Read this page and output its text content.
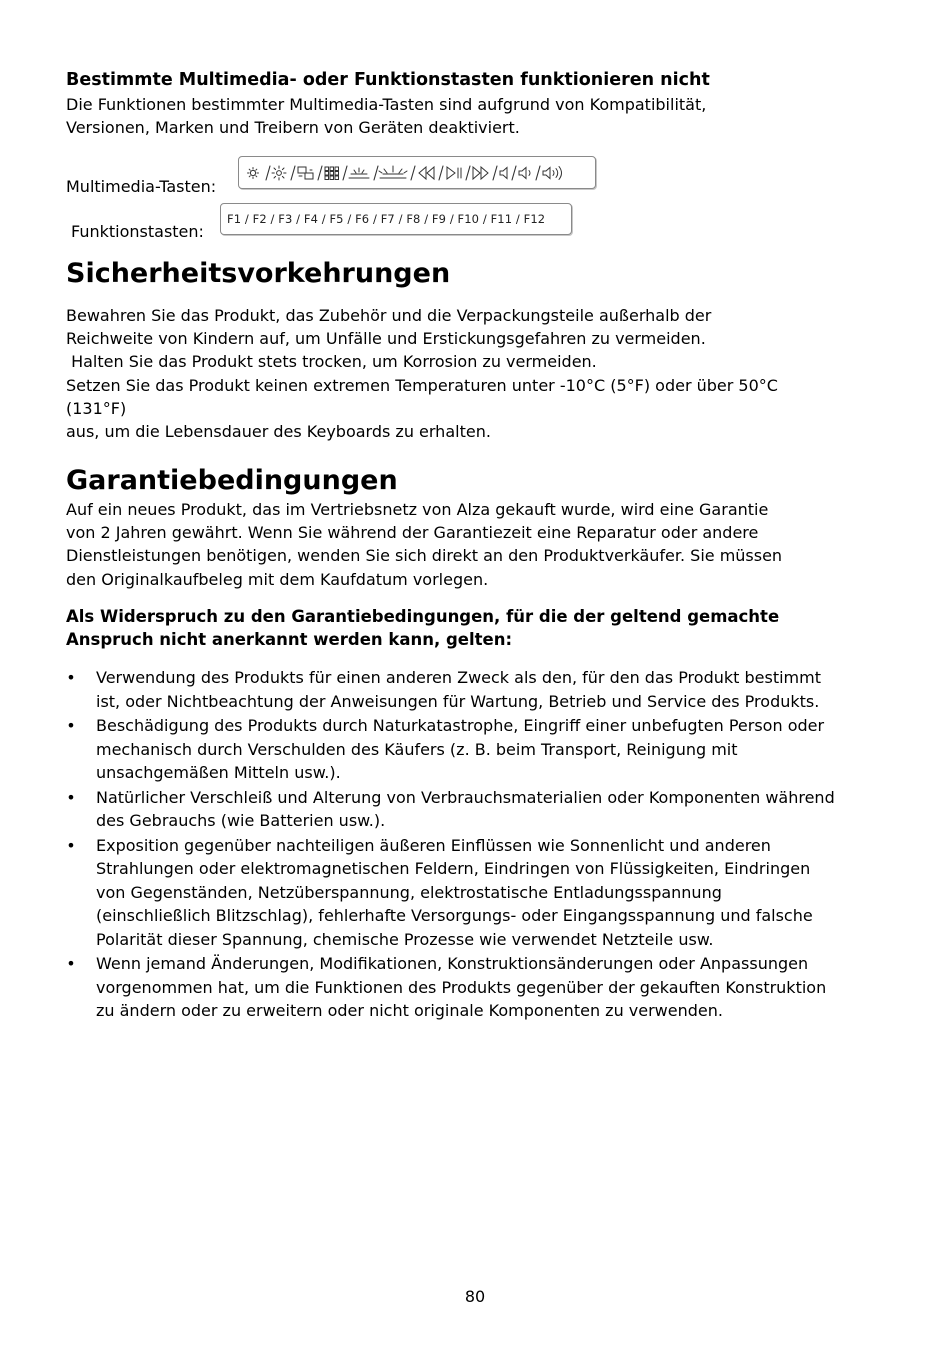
Bestimmte Multimedia- oder Funktionstasten funktionieren nicht

Die Funktionen bestimmter Multimedia-Tasten sind aufgrund von Kompatibilität,

Versionen, Marken und Treibern von Geräten deaktiviert.

Multimedia-Tasten:
Funktionstasten:
F1 / F2 / F3 / F4 / F5 / F6 / F7 / F8 / F9 / F10 / F11 / F12
Sicherheitsvorkehrungen

Bewahren Sie das Produkt, das Zubehör und die Verpackungsteile außerhalb der

Reichweite von Kindern auf, um Unfälle und Erstickungsgefahren zu vermeiden.

Halten Sie das Produkt stets trocken, um Korrosion zu vermeiden.

Setzen Sie das Produkt keinen extremen Temperaturen unter -10°C (5°F) oder über 50°C

(131°F)

aus, um die Lebensdauer des Keyboards zu erhalten.

Garantiebedingungen

Auf ein neues Produkt, das im Vertriebsnetz von Alza gekauft wurde, wird eine Garantie

von 2 Jahren gewährt. Wenn Sie während der Garantiezeit eine Reparatur oder andere

Dienstleistungen benötigen, wenden Sie sich direkt an den Produktverkäufer. Sie müssen

den Originalkaufbeleg mit dem Kaufdatum vorlegen.

Als Widerspruch zu den Garantiebedingungen, für die der geltend gemachte Anspruch nicht anerkannt werden kann, gelten:
• Verwendung des Produkts für einen anderen Zweck als den, für den das Produkt bestimmt ist, oder Nichtbeachtung der Anweisungen für Wartung, Betrieb und Service des Produkts.
• Beschädigung des Produkts durch Naturkatastrophe, Eingriff einer unbefugten Person oder mechanisch durch Verschulden des Käufers (z. B. beim Transport, Reinigung mit unsachgemäßen Mitteln usw.).
• Natürlicher Verschleiß und Alterung von Verbrauchsmaterialien oder Komponenten während des Gebrauchs (wie Batterien usw.).
• Exposition gegenüber nachteiligen äußeren Einflüssen wie Sonnenlicht und anderen Strahlungen oder elektromagnetischen Feldern, Eindringen von Flüssigkeiten, Eindringen von Gegenständen, Netzüberspannung, elektrostatische Entladungsspannung (einschließlich Blitzschlag), fehlerhafte Versorgungs- oder Eingangsspannung und falsche Polarität dieser Spannung, chemische Prozesse wie verwendet Netzteile usw.
• Wenn jemand Änderungen, Modifikationen, Konstruktionsänderungen oder Anpassungen vorgenommen hat, um die Funktionen des Produkts gegenüber der gekauften Konstruktion zu ändern oder zu erweitern oder nicht originale Komponenten zu verwenden.
80
